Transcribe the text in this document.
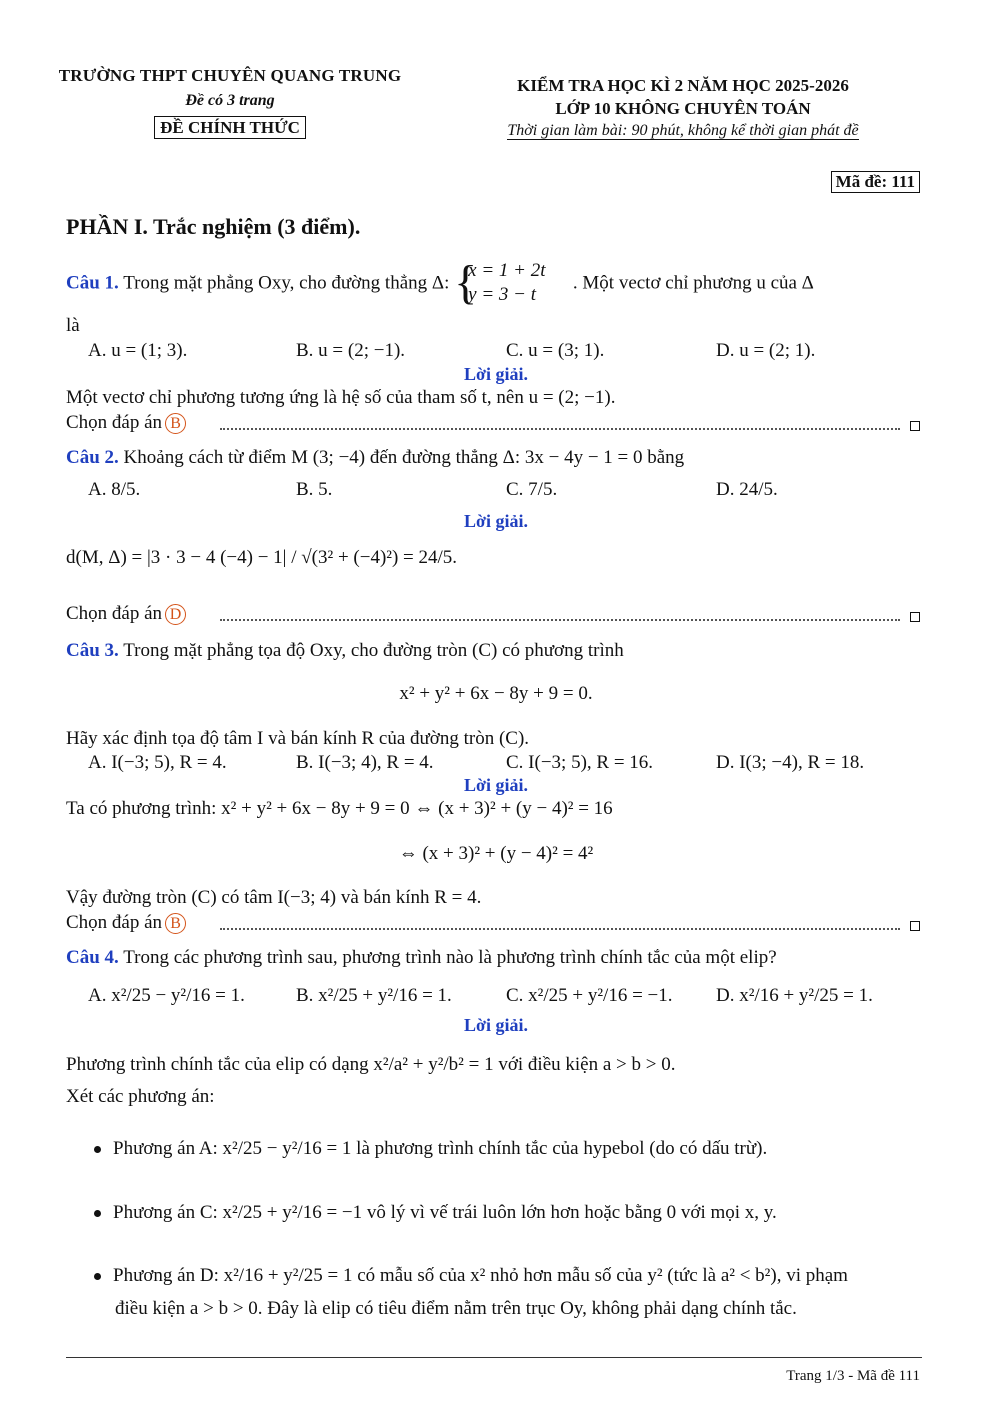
TRƯỜNG THPT CHUYÊN QUANG TRUNG
Đề có 3 trang
ĐỀ CHÍNH THỨC
KIỂM TRA HỌC KÌ 2 NĂM HỌC 2025-2026
LỚP 10 KHÔNG CHUYÊN TOÁN
Thời gian làm bài: 90 phút, không kể thời gian phát đề
Mã đề: 111
PHẦN I. Trắc nghiệm (3 điểm).
Câu 1. Trong mặt phẳng Oxy, cho đường thẳng Δ: {
x = 1 + 2t
y = 3 − t
. Một vectơ chỉ phương u của Δ
là
A. u = (1; 3).	B. u = (2; −1).	C. u = (3; 1).	D. u = (2; 1).
Lời giải.
Một vectơ chỉ phương tương ứng là hệ số của tham số t, nên u = (2; −1).
Chọn đáp án B
Câu 2. Khoảng cách từ điểm M (3; −4) đến đường thẳng Δ: 3x − 4y − 1 = 0 bằng
A. 8/5.	B. 5.	C. 7/5.	D. 24/5.
Lời giải.
d(M, Δ) = |3 · 3 − 4 (−4) − 1| / √(3² + (−4)²) = 24/5.
Chọn đáp án D
Câu 3. Trong mặt phẳng tọa độ Oxy, cho đường tròn (C) có phương trình
x² + y² + 6x − 8y + 9 = 0.
Hãy xác định tọa độ tâm I và bán kính R của đường tròn (C).
A. I(−3; 5), R = 4.	B. I(−3; 4), R = 4.	C. I(−3; 5), R = 16.	D. I(3; −4), R = 18.
Lời giải.
Ta có phương trình: x² + y² + 6x − 8y + 9 = 0 ⇔ (x + 3)² + (y − 4)² = 16
⇔ (x + 3)² + (y − 4)² = 4²
Vậy đường tròn (C) có tâm I(−3; 4) và bán kính R = 4.
Chọn đáp án B
Câu 4. Trong các phương trình sau, phương trình nào là phương trình chính tắc của một elip?
A. x²/25 − y²/16 = 1.	B. x²/25 + y²/16 = 1.	C. x²/25 + y²/16 = −1. D. x²/16 + y²/25 = 1.
Lời giải.
Phương trình chính tắc của elip có dạng x²/a² + y²/b² = 1 với điều kiện a > b > 0.
Xét các phương án:
Phương án A: x²/25 − y²/16 = 1 là phương trình chính tắc của hypebol (do có dấu trừ).
Phương án C: x²/25 + y²/16 = −1 vô lý vì vế trái luôn lớn hơn hoặc bằng 0 với mọi x, y.
Phương án D: x²/16 + y²/25 = 1 có mẫu số của x² nhỏ hơn mẫu số của y² (tức là a² < b²), vi phạm
điều kiện a > b > 0. Đây là elip có tiêu điểm nằm trên trục Oy, không phải dạng chính tắc.
Trang 1/3 - Mã đề 111
